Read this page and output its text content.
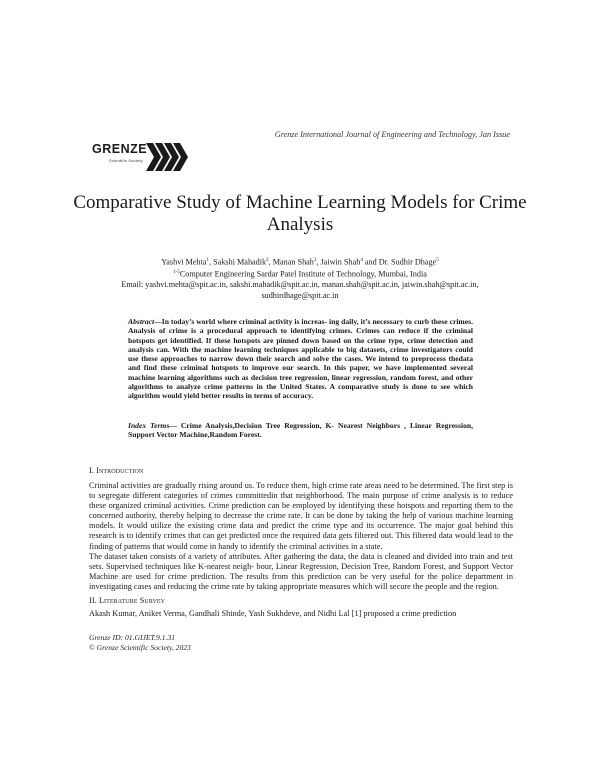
Grenze International Journal of Engineering and Technology, Jan Issue
GRENZE
Scientific Society
Comparative Study of Machine Learning Models for Crime Analysis
Yashvi Mehta$^1$, Sakshi Mahadik$^2$, Manan Shah$^3$, Jaiwin Shah$^4$ and Dr. Sudhir Dhage$^5$
$^{1-5}$Computer Engineering Sardar Patel Institute of Technology, Mumbai, India
Email: yashvi.mehta@spit.ac.in, sakshi.mahadik@spit.ac.in, manan.shah@spit.ac.in, jaiwin.shah@spit.ac.in,
sudhirdhage@spit.ac.in
Abstract—In today’s world where criminal activity is increas- ing daily, it’s necessary to curb these crimes. Analysis of crime is a procedural approach to identifying crimes. Crimes can reduce if the criminal hotspots get identified. If these hotspots are pinned down based on the crime type, crime detection and analysis can. With the machine learning techniques applicable to big datasets, crime investigators could use these approaches to narrow down their search and solve the cases. We intend to preprocess thedata and find these criminal hotspots to improve our search. In this paper, we have implemented several machine learning algorithms such as decision tree regression, linear regression, random forest, and other algorithms to analyze crime patterns in the United States. A comparative study is done to see which algorithm would yield better results in terms of accuracy.
Index Terms— Crime Analysis,Decision Tree Regression, K- Nearest Neighbors , Linear Regression, Support Vector Machine,Random Forest.
I. Introduction
Criminal activities are gradually rising around us. To reduce them, high crime rate areas need to be determined. The first step is to segregate different categories of crimes committedin that neighborhood. The main purpose of crime analysis is to reduce these organized criminal activities. Crime prediction can be employed by identifying these hotspots and reporting them to the concerned authority, thereby helping to decrease the crime rate. It can be done by taking the help of various machine learning models. It would utilize the existing crime data and predict the crime type and its occurrence. The major goal behind this research is to identify crimes that can get predicted once the required data gets filtered out. This filtered data would lead to the finding of patterns that would come in handy to identify the criminal activities in a state.
The dataset taken consists of a variety of attributes. After gathering the data, the data is cleaned and divided into train and test sets. Supervised techniques like K-nearest neigh- bour, Linear Regression, Decision Tree, Random Forest, and Support Vector Machine are used for crime prediction. The results from this prediction can be very useful for the police department in investigating cases and reducing the crime rate by taking appropriate measures which will secure the people and the region.
II. Literature Survey
Akash Kumar, Aniket Verma, Gandhali Shinde, Yash Sukhdeve, and Nidhi Lal [1] proposed a crime prediction
Grenze ID: 01.GIJET.9.1.31
© Grenze Scientific Society, 2023
